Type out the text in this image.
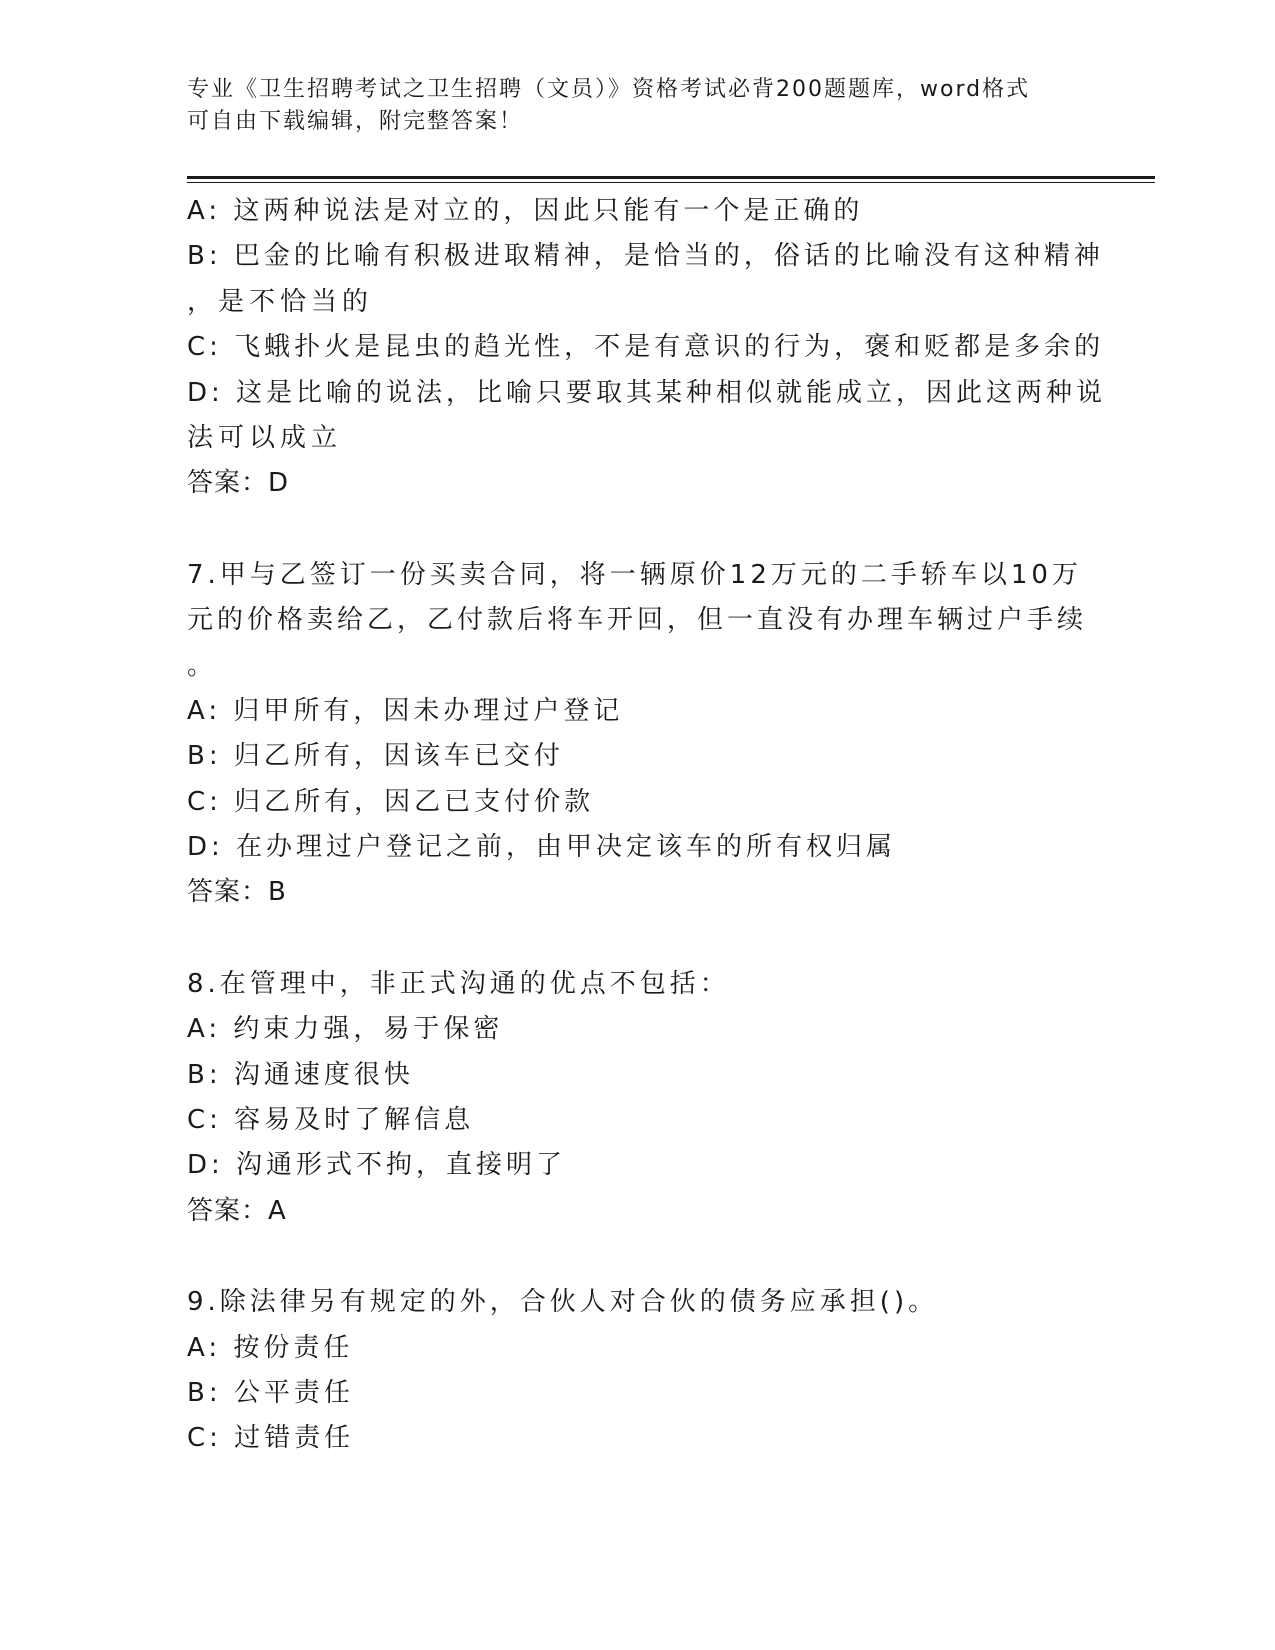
专业《卫生招聘考试之卫生招聘（文员）》资格考试必背200题题库，word格式
可自由下载编辑，附完整答案！
A: 这两种说法是对立的，因此只能有一个是正确的
B: 巴金的比喻有积极进取精神，是恰当的，俗话的比喻没有这种精神
，是不恰当的
C: 飞蛾扑火是昆虫的趋光性，不是有意识的行为，褒和贬都是多余的
D: 这是比喻的说法，比喻只要取其某种相似就能成立，因此这两种说
法可以成立
答案：D
7.甲与乙签订一份买卖合同，将一辆原价12万元的二手轿车以10万
元的价格卖给乙，乙付款后将车开回，但一直没有办理车辆过户手续
。
A: 归甲所有，因未办理过户登记
B: 归乙所有，因该车已交付
C: 归乙所有，因乙已支付价款
D: 在办理过户登记之前，由甲决定该车的所有权归属
答案：B
8.在管理中，非正式沟通的优点不包括：
A: 约束力强，易于保密
B: 沟通速度很快
C: 容易及时了解信息
D: 沟通形式不拘，直接明了
答案：A
9.除法律另有规定的外，合伙人对合伙的债务应承担()。
A: 按份责任
B: 公平责任
C: 过错责任
